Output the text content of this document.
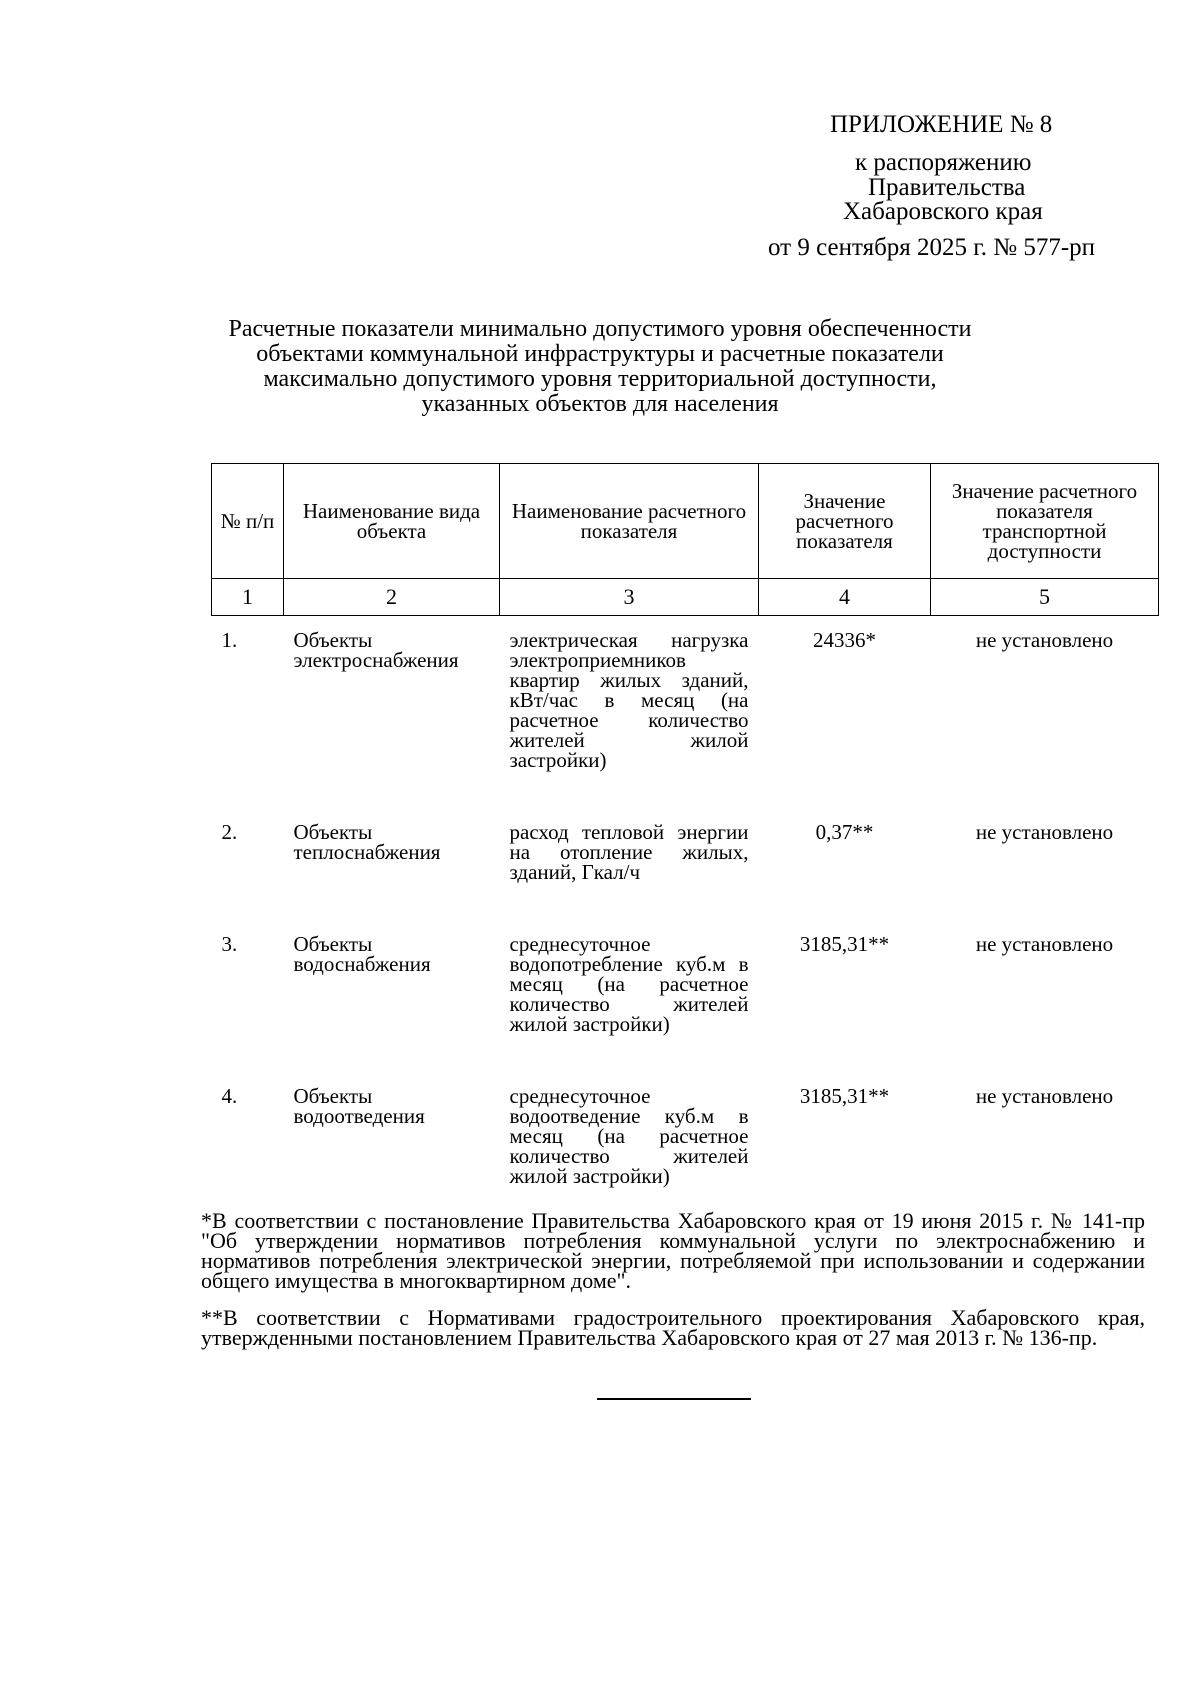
ПРИЛОЖЕНИЕ № 8
к распоряжению
Правительства
Хабаровского края
от 9 сентября 2025 г. № 577-рп
Расчетные показатели минимально допустимого уровня обеспеченности
объектами коммунальной инфраструктуры и расчетные показатели
максимально допустимого уровня территориальной доступности,
указанных объектов для населения
№ п/п	Наименование вида объекта	Наименование расчетного показателя	Значение расчетного показателя	Значение расчетного показателя транспортной доступности
1	2	3	4	5
1.	Объекты электроснабжения	электрическая нагрузка электроприемников квартир жилых зданий, кВт/час в месяц (на расчетное количество жителей жилой застройки)	24336*	не установлено
2.	Объекты теплоснабжения	расход тепловой энергии на отопление жилых, зданий, Гкал/ч	0,37**	не установлено
3.	Объекты водоснабжения	среднесуточное водопотребление куб.м в месяц (на расчетное количество жителей жилой застройки)	3185,31**	не установлено
4.	Объекты водоотведения	среднесуточное водоотведение куб.м в месяц (на расчетное количество жителей жилой застройки)	3185,31**	не установлено

*В соответствии с постановление Правительства Хабаровского края от 19 июня 2015 г. № 141-пр "Об утверждении нормативов потребления коммунальной услуги по электроснабжению и нормативов потребления электрической энергии, потребляемой при использовании и содержании общего имущества в многоквартирном доме".

**В соответствии с Нормативами градостроительного проектирования Хабаровского края, утвержденными постановлением Правительства Хабаровского края от 27 мая 2013 г. № 136-пр.
